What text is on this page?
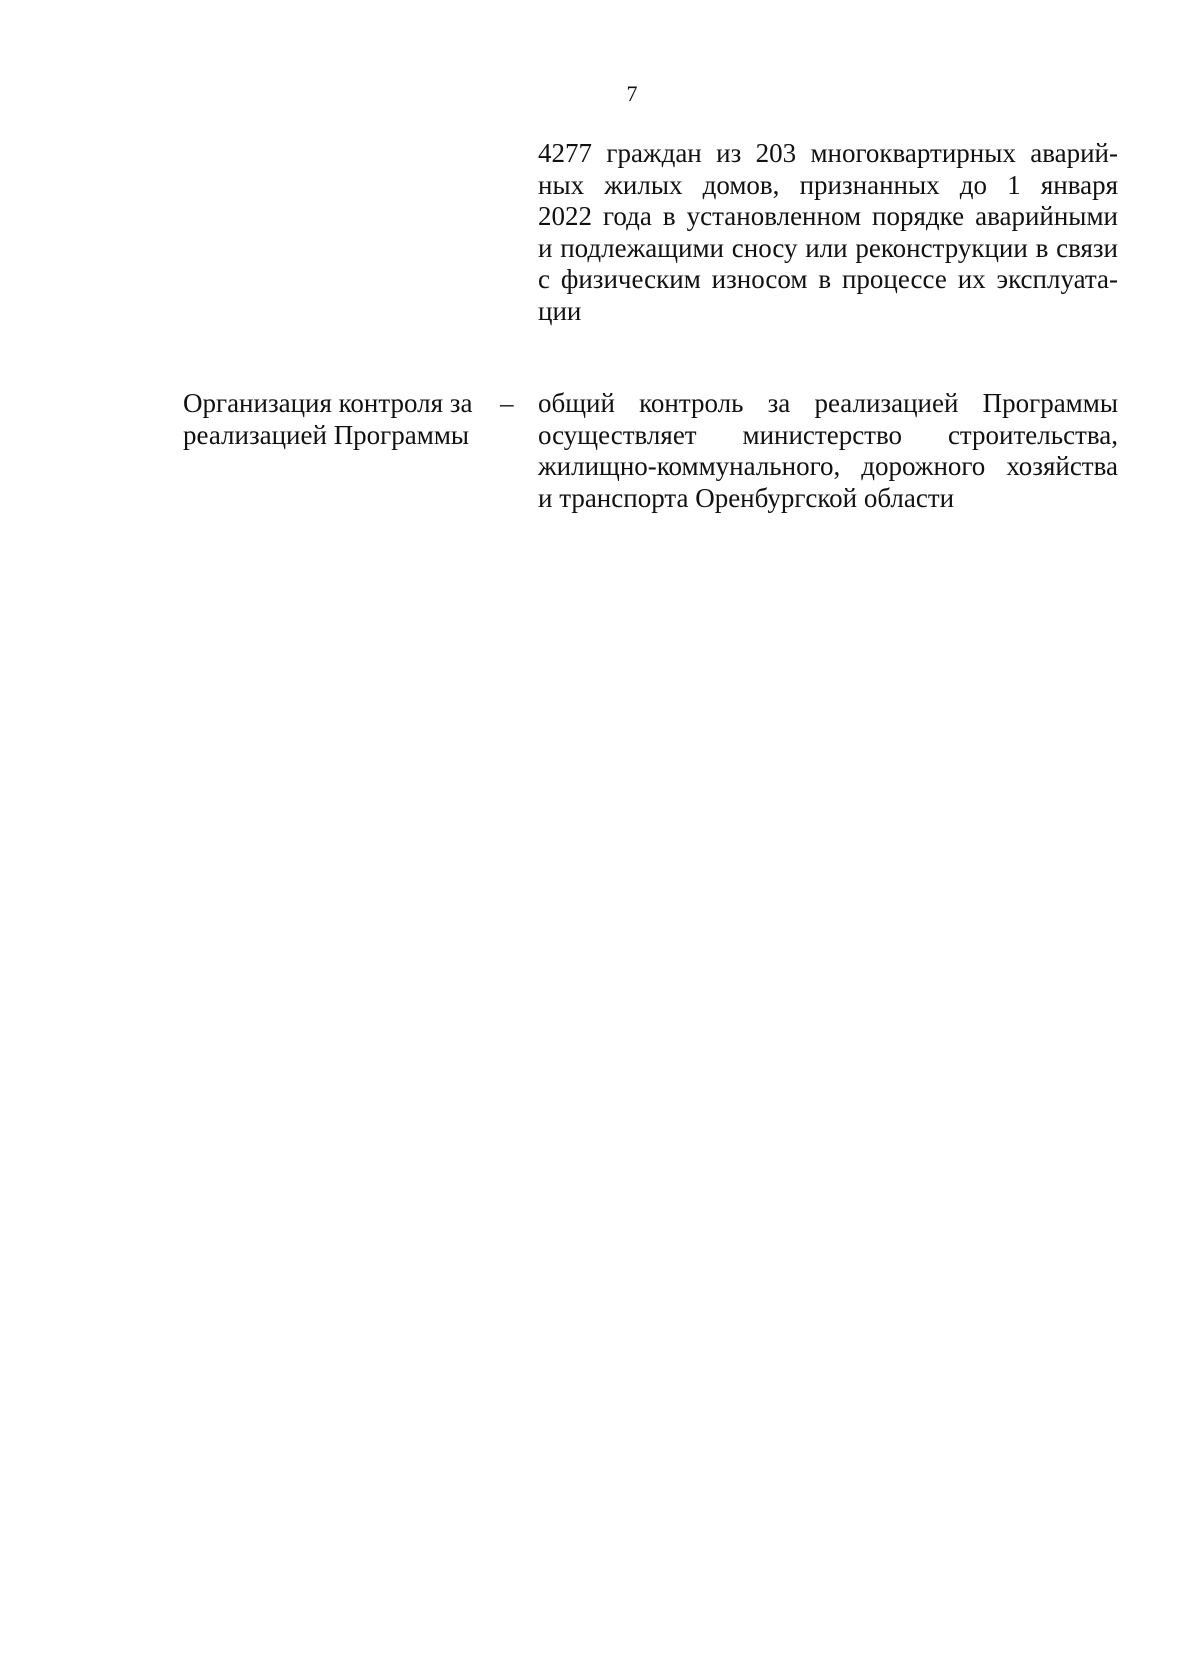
7
4277 граждан из 203 многоквартирных аварий-
ных жилых домов, признанных до 1 января
2022 года в установленном порядке аварийными
и подлежащими сносу или реконструкции в связи
с физическим износом в процессе их эксплуата-
ции
Организация контроля за
реализацией Программы
– общий контроль за реализацией Программы
осуществляет министерство строительства,
жилищно-коммунального, дорожного хозяйства
и транспорта Оренбургской области
